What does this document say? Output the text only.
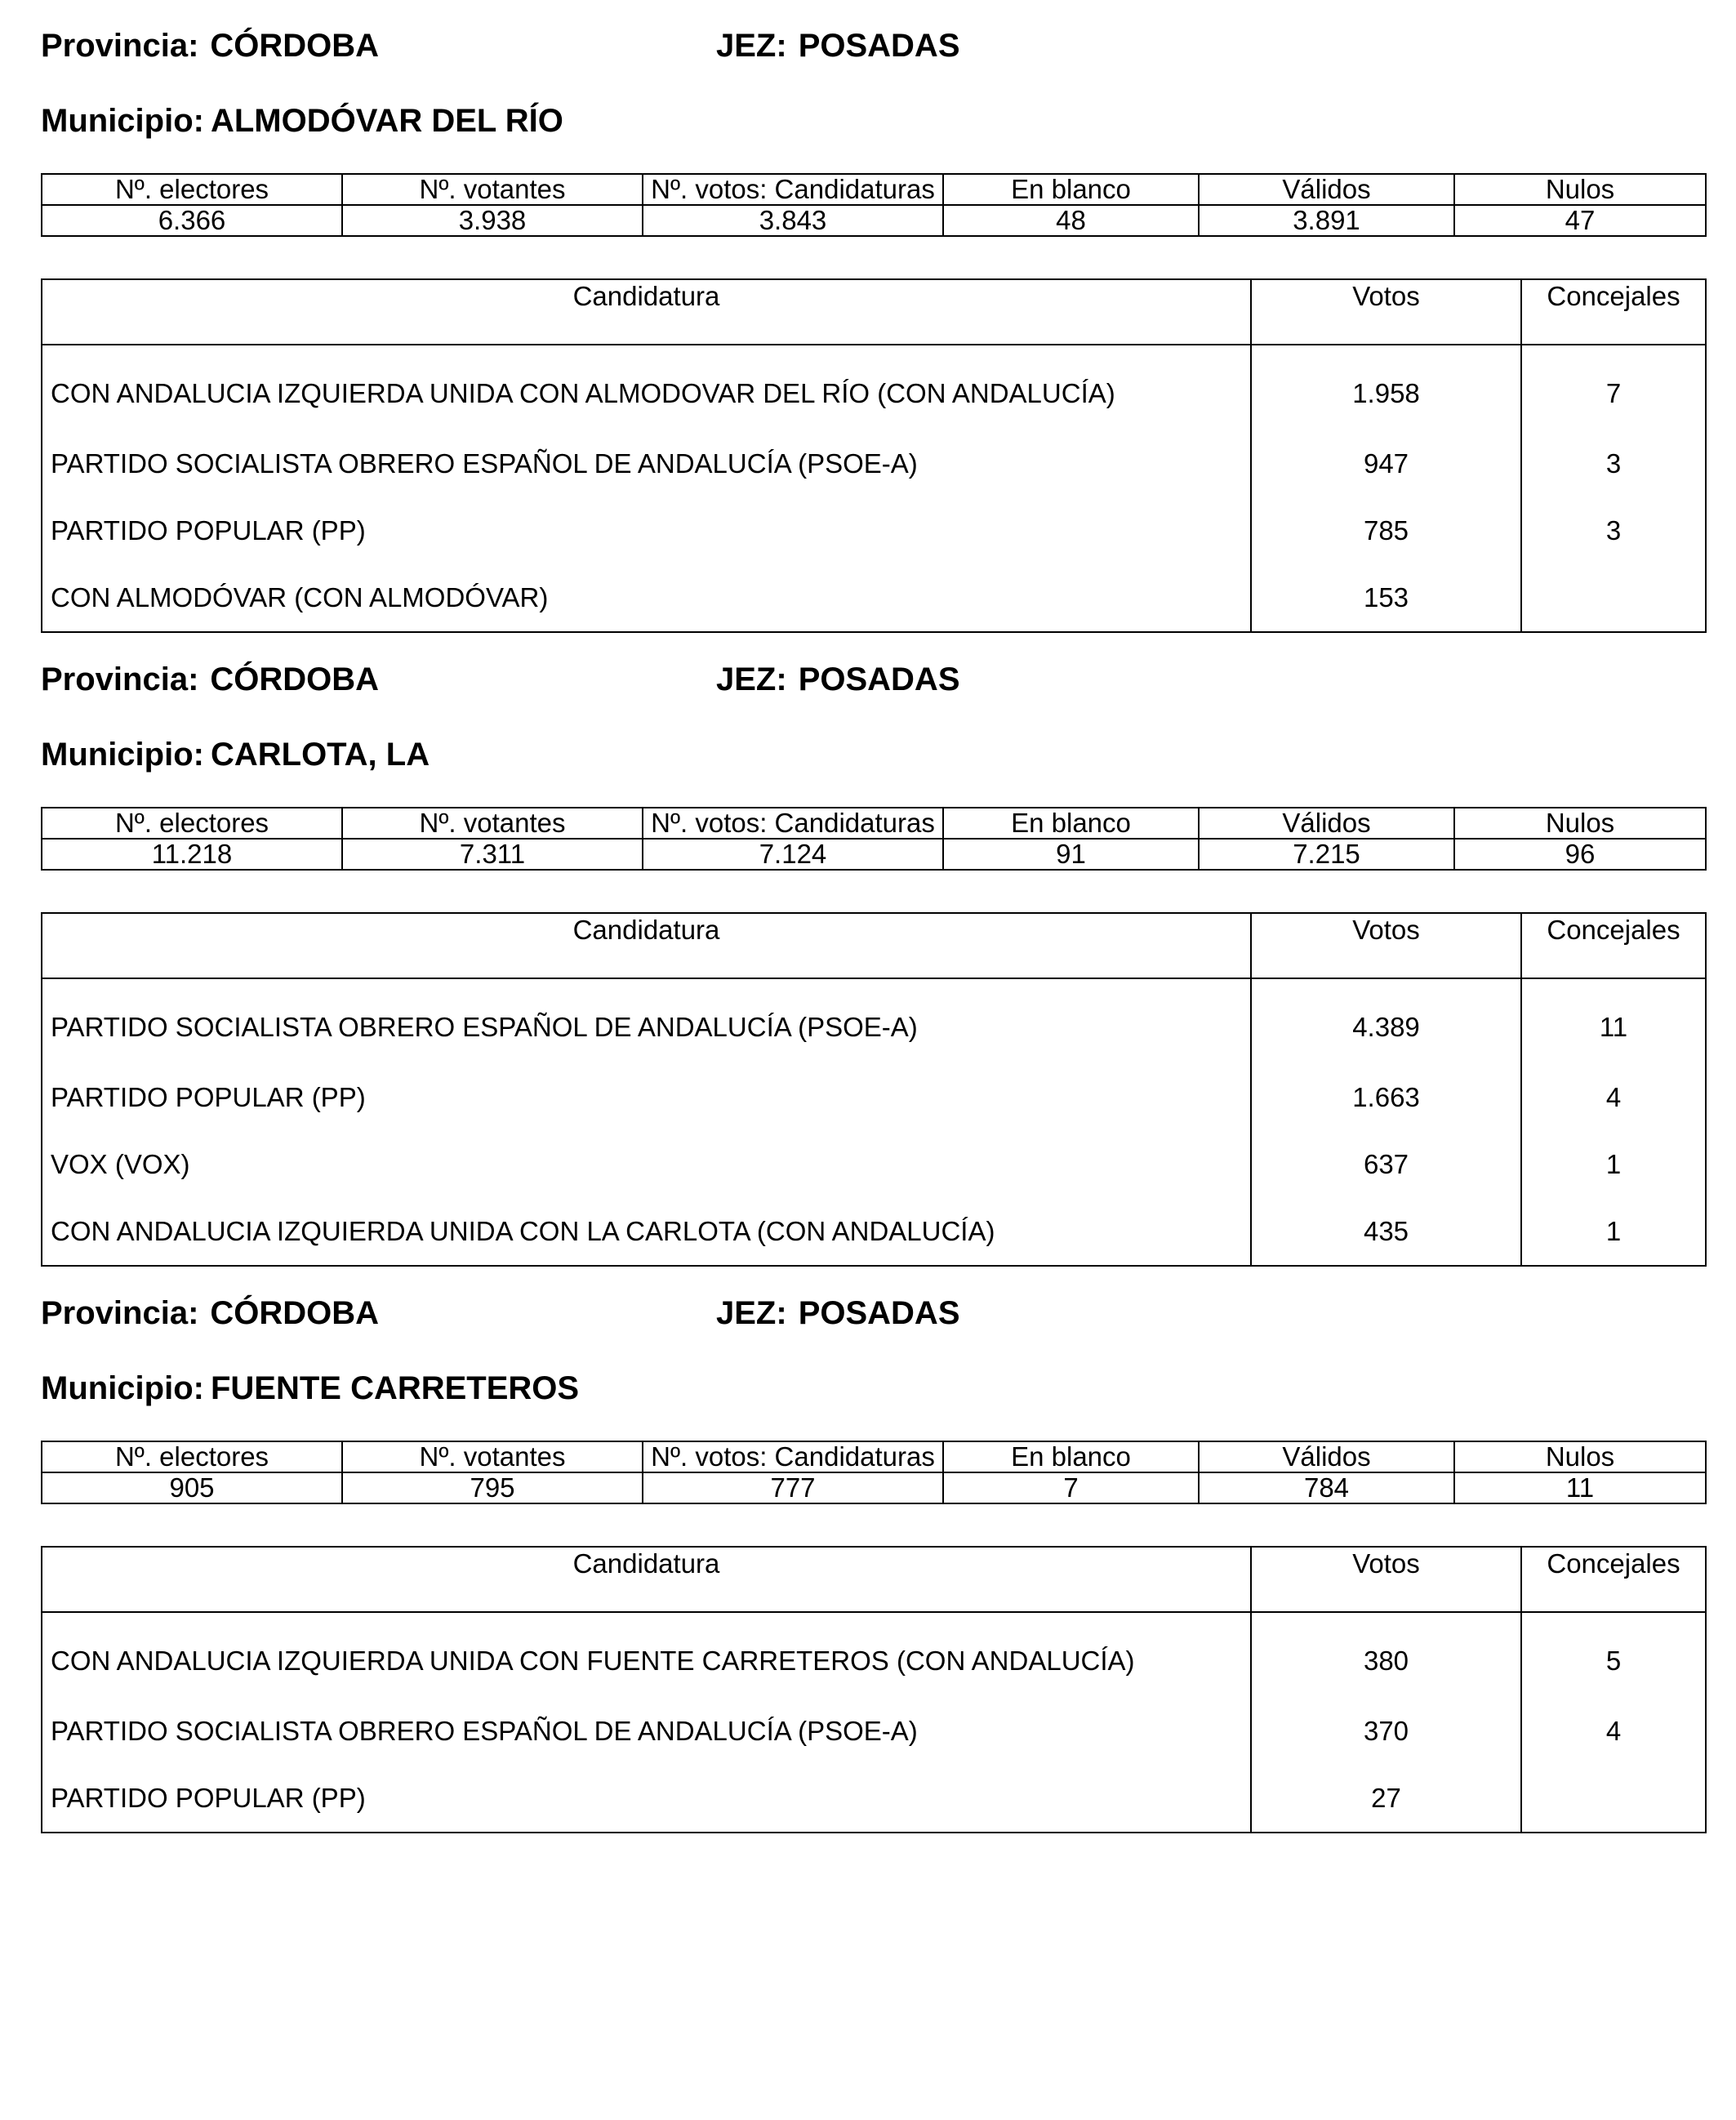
Provincia: CÓRDOBA	JEZ: POSADAS
Municipio: ALMODÓVAR DEL RÍO
Nº. electores	Nº. votantes	Nº. votos: Candidaturas	En blanco	Válidos	Nulos
6.366	3.938	3.843	48	3.891	47
Candidatura	Votos	Concejales
CON ANDALUCIA IZQUIERDA UNIDA CON ALMODOVAR DEL RÍO (CON ANDALUCÍA)	1.958	7
PARTIDO SOCIALISTA OBRERO ESPAÑOL DE ANDALUCÍA (PSOE-A)	947	3
PARTIDO POPULAR (PP)	785	3
CON ALMODÓVAR (CON ALMODÓVAR)	153	
Provincia: CÓRDOBA	JEZ: POSADAS
Municipio: CARLOTA, LA
Nº. electores	Nº. votantes	Nº. votos: Candidaturas	En blanco	Válidos	Nulos
11.218	7.311	7.124	91	7.215	96
Candidatura	Votos	Concejales
PARTIDO SOCIALISTA OBRERO ESPAÑOL DE ANDALUCÍA (PSOE-A)	4.389	11
PARTIDO POPULAR (PP)	1.663	4
VOX (VOX)	637	1
CON ANDALUCIA IZQUIERDA UNIDA CON LA CARLOTA (CON ANDALUCÍA)	435	1
Provincia: CÓRDOBA	JEZ: POSADAS
Municipio: FUENTE CARRETEROS
Nº. electores	Nº. votantes	Nº. votos: Candidaturas	En blanco	Válidos	Nulos
905	795	777	7	784	11
Candidatura	Votos	Concejales
CON ANDALUCIA IZQUIERDA UNIDA CON FUENTE CARRETEROS (CON ANDALUCÍA)	380	5
PARTIDO SOCIALISTA OBRERO ESPAÑOL DE ANDALUCÍA (PSOE-A)	370	4
PARTIDO POPULAR (PP)	27	
